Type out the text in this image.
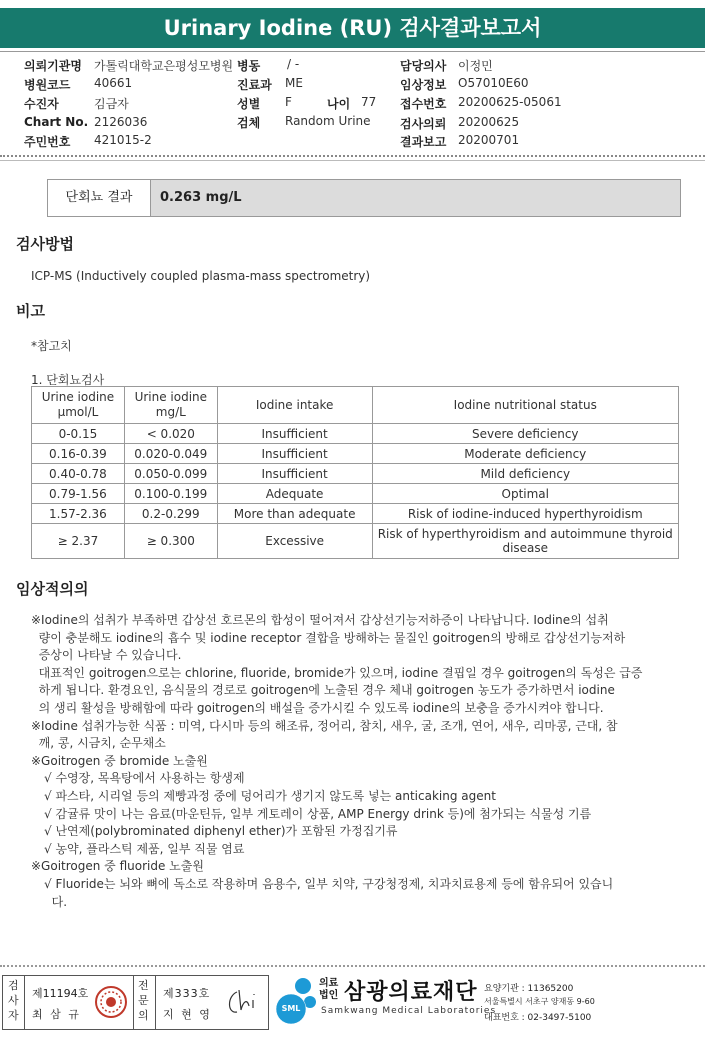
Urinary Iodine (RU) 검사결과보고서
의뢰기관명 가톨릭대학교은평성모병원 병동 / -	담당의사 이정민
병원코드 40661	진료과 ME	임상정보 O57010E60
수진자	김금자	성별 F	나이 77 접수번호 20200625-05061
Chart No. 2126036	검체 Random Urine 검사의뢰 20200625
주민번호 421015-2	결과보고 20200701
단회뇨 결과	0.263 mg/L
검사방법
ICP-MS (Inductively coupled plasma-mass spectrometry)
비고
*참고치
1. 단회뇨검사
Urine iodine μmol/L	Urine iodine mg/L	Iodine intake	Iodine nutritional status
0-0.15	< 0.020	Insufficient	Severe deficiency
0.16-0.39	0.020-0.049	Insufficient	Moderate deficiency
0.40-0.78	0.050-0.099	Insufficient	Mild deficiency
0.79-1.56	0.100-0.199	Adequate	Optimal
1.57-2.36	0.2-0.299	More than adequate	Risk of iodine-induced hyperthyroidism
≥ 2.37	≥ 0.300	Excessive	Risk of hyperthyroidism and autoimmune thyroid disease
임상적의의

※Iodine의 섭취가 부족하면 갑상선 호르몬의 합성이 떨어져서 갑상선기능저하증이 나타납니다. Iodine의 섭취
량이 충분해도 iodine의 흡수 및 iodine receptor 결합을 방해하는 물질인 goitrogen의 방해로 갑상선기능저하
증상이 나타날 수 있습니다.

대표적인 goitrogen으로는 chlorine, fluoride, bromide가 있으며, iodine 결핍일 경우 goitrogen의 독성은 급증
하게 됩니다. 환경요인, 음식물의 경로로 goitrogen에 노출된 경우 체내 goitrogen 농도가 증가하면서 iodine
의 생리 활성을 방해함에 따라 goitrogen의 배설을 증가시킬 수 있도록 iodine의 보충을 증가시켜야 합니다.

※Iodine 섭취가능한 식품 : 미역, 다시마 등의 해조류, 정어리, 참치, 새우, 굴, 조개, 연어, 새우, 리마콩, 근대, 참
깨, 콩, 시금치, 순무채소

※Goitrogen 중 bromide 노출원

√ 수영장, 목욕탕에서 사용하는 항생제

√ 파스타, 시리얼 등의 제빵과정 중에 덩어리가 생기지 않도록 넣는 anticaking agent

√ 감귤류 맛이 나는 음료(마운틴듀, 일부 게토레이 상품, AMP Energy drink 등)에 첨가되는 식물성 기름

√ 난연제(polybrominated diphenyl ether)가 포함된 가정집기류

√ 농약, 플라스틱 제품, 일부 직물 염료

※Goitrogen 중 fluoride 노출원

√ Fluoride는 뇌와 뼈에 독소로 작용하며 음용수, 일부 치약, 구강청정제, 치과치료용제 등에 함유되어 있습니
다.

검사자
제11194호
최 삼 규
전문의
제333호
지 현 영	SML
의료법인 삼광의료재단
Samkwang Medical Laboratories
요양기관 : 11365200
서울특별시 서초구 양재동 9-60
대표번호 : 02-3497-5100
